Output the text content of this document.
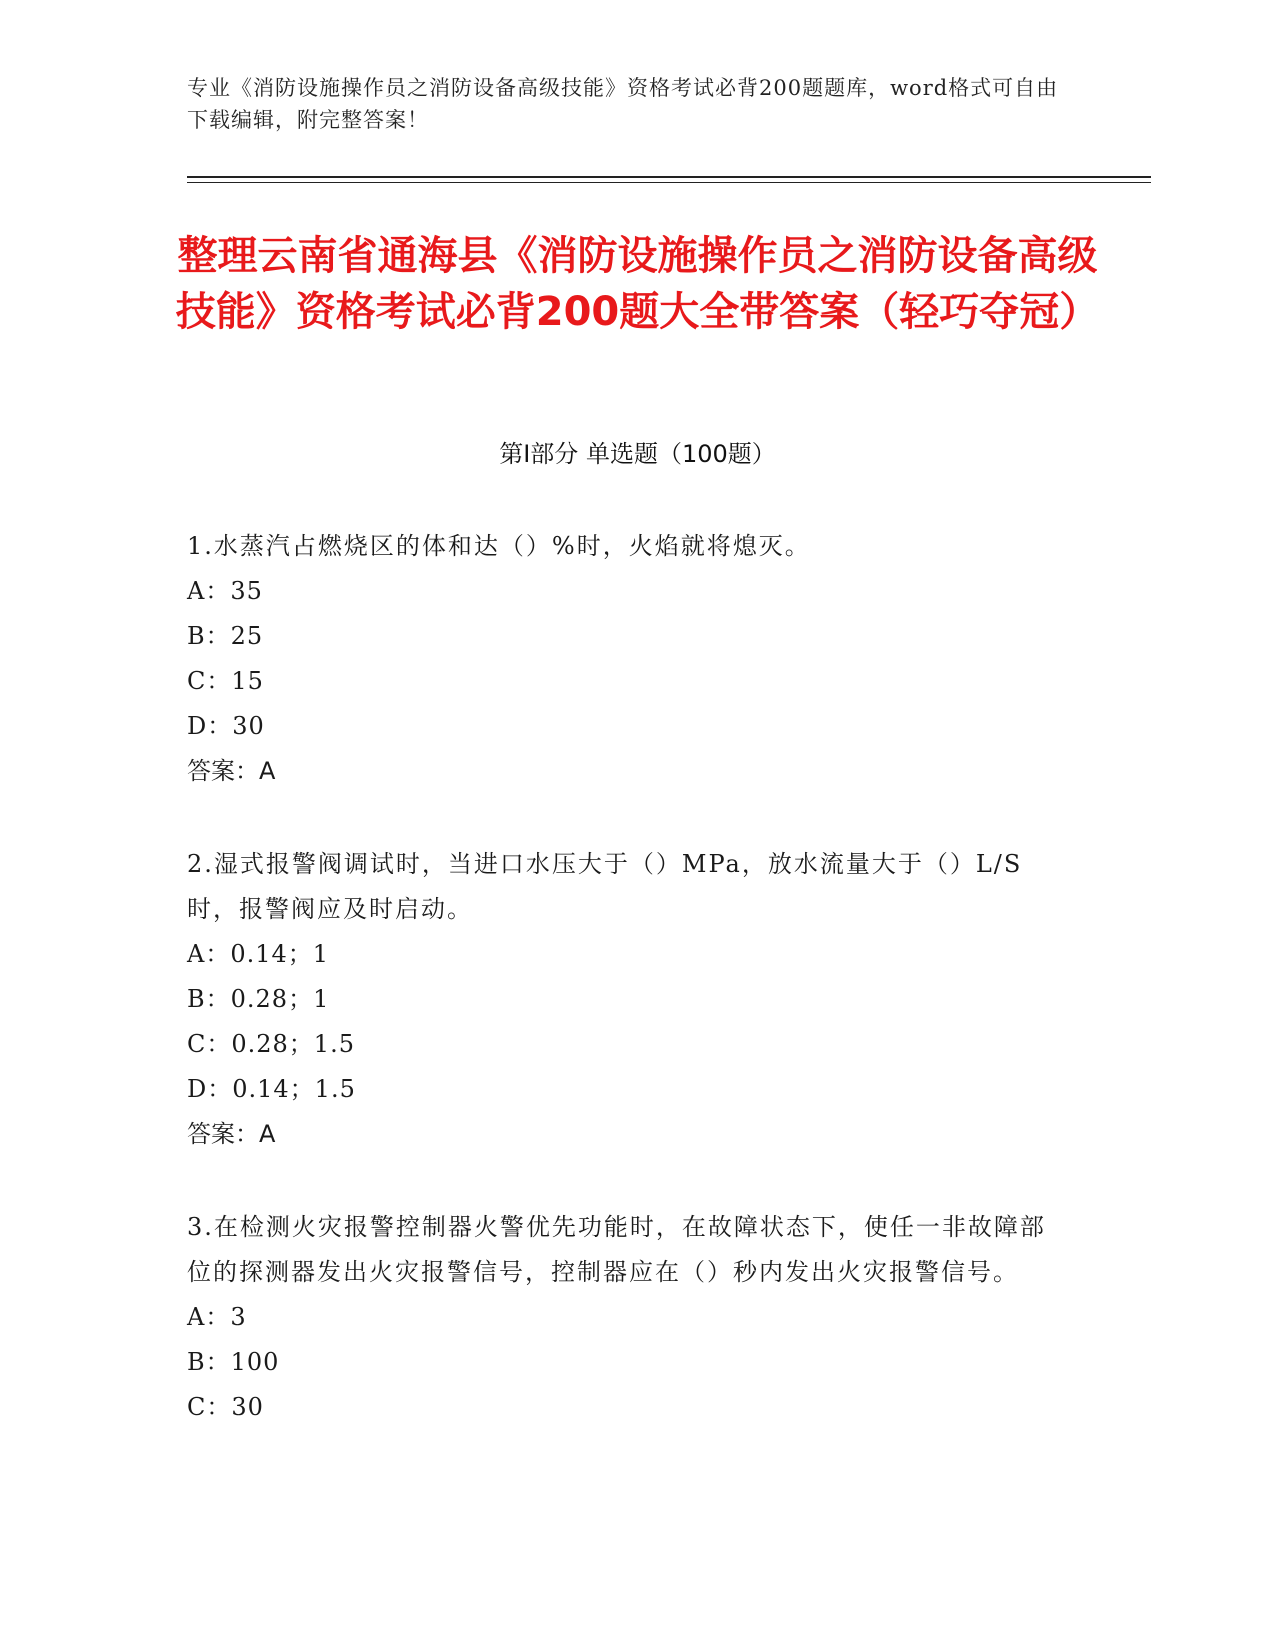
专业《消防设施操作员之消防设备高级技能》资格考试必背200题题库，word格式可自由下载编辑，附完整答案！
整理云南省通海县《消防设施操作员之消防设备高级技能》资格考试必背200题大全带答案（轻巧夺冠）
第Ⅰ部分 单选题（100题）

1.水蒸汽占燃烧区的体和达（）%时，火焰就将熄灭。

A：35

B：25

C：15

D：30

答案：A

2.湿式报警阀调试时，当进口水压大于（）MPa，放水流量大于（）L/S时，报警阀应及时启动。

A：0.14；1

B：0.28；1

C：0.28；1.5

D：0.14；1.5

答案：A

3.在检测火灾报警控制器火警优先功能时，在故障状态下，使任一非故障部位的探测器发出火灾报警信号，控制器应在（）秒内发出火灾报警信号。

A：3

B：100

C：30
